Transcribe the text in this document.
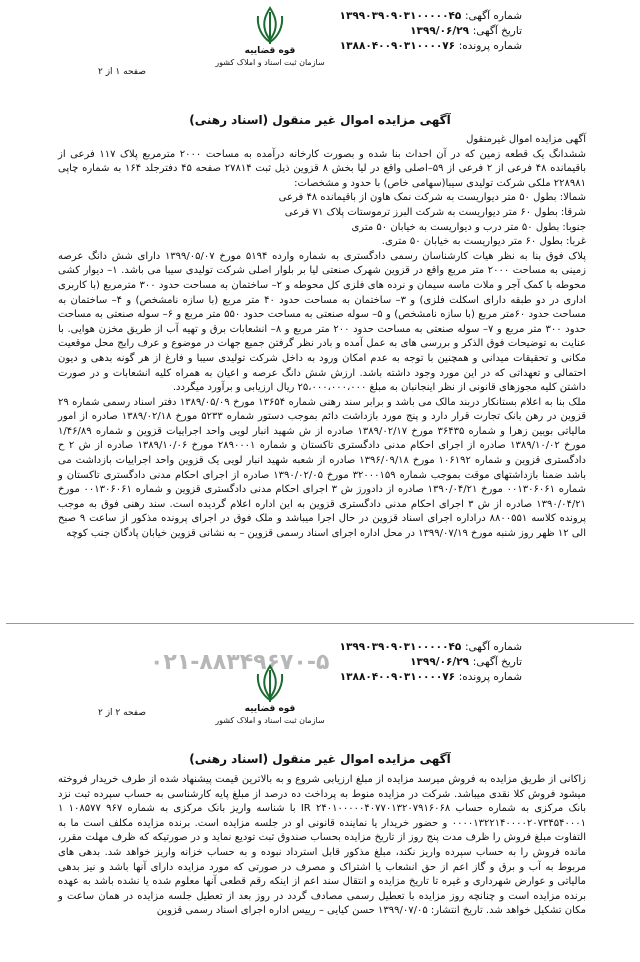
شماره آگهی: ۱۳۹۹۰۳۹۰۹۰۳۱۰۰۰۰۰۴۵
تاریخ آگهی: ۱۳۹۹/۰۶/۲۹
شماره پرونده: ۱۳۸۸۰۴۰۰۹۰۳۱۰۰۰۰۷۶
قوه قضاییه
سازمان ثبت اسناد و املاک کشور
صفحه ۱ از ۲
آگهی مزایده اموال غیر منقول (اسناد رهنی)

آگهی مزایده اموال غیرمنقول

ششدانگ یک قطعه زمین که در آن احداث بنا شده و بصورت کارخانه درآمده به مساحت ۲۰۰۰ مترمربع پلاک ۱۱۷ فرعی از باقیمانده ۴۸ فرعی از ۲ فرعی از ۵۹–اصلی واقع در لیا بخش ۸ قزوین ذیل ثبت ۲۷۸۱۴ صفحه ۴۵ دفترجلد ۱۶۴ به شماره چاپی ۲۲۸۹۸۱ ملکی شرکت تولیدی سیبا(سهامی خاص) با حدود و مشخصات:

شمالا: بطول ۵۰ متر دیواریست به شرکت نمک هاون از باقیمانده ۴۸ فرعی

شرقا: بطول ۶۰ متر دیواریست به شرکت البرز ترموستات پلاک ۷۱ فرعی

جنوبا: بطول ۵۰ متر درب و دیواریست به خیابان ۵۰ متری

غربا: بطول ۶۰ متر دیواریست به خیابان ۵۰ متری.

پلاک فوق بنا به نظر هیات کارشناسان رسمی دادگستری به شماره وارده ۵۱۹۴ مورخ ۱۳۹۹/۰۵/۰۷ دارای شش دانگ عرصه زمینی به مساحت ۲۰۰۰ متر مربع واقع در قزوین شهرک صنعتی لیا بر بلوار اصلی شرکت تولیدی سیبا می باشد. ۱– دیوار کشی محوطه با کمک آجر و ملات ماسه سیمان و نرده های فلزی کل محوطه و ۲– ساختمان به مساحت حدود ۳۰۰ مترمربع (با کاربری اداری در دو طبقه دارای اسکلت فلزی) و ۳– ساختمان به مساحت حدود ۴۰ متر مربع (با سازه نامشخص) و ۴– ساختمان به مساحت حدود ۶۰متر مربع (با سازه نامشخص) و ۵– سوله صنعتی به مساحت حدود ۵۵۰ متر مربع و ۶– سوله صنعتی به مساحت حدود ۳۰۰ متر مربع و ۷– سوله صنعتی به مساحت حدود ۲۰۰ متر مربع و ۸– انشعابات برق و تهیه آب از طریق مخزن هوایی. با عنایت به توضیحات فوق الذکر و بررسی های به عمل آمده و بادر نظر گرفتن جمیع جهات در موضوع و عرف رایج محل موقعیت مکانی و تحقیقات میدانی و همچنین با توجه به عدم امکان ورود به داخل شرکت تولیدی سیبا و فارغ از هر گونه بدهی و دیون احتمالی و تعهداتی که در این مورد وجود داشته باشد. ارزش شش دانگ عرصه و اعیان به همراه کلیه انشعابات و در صورت داشتن کلیه مجوزهای قانونی از نظر اینجانبان به مبلغ ۲۵،۰۰۰،۰۰۰،۰۰۰ ریال ارزیابی و برآورد میگردد.

ملک بنا به اعلام بستانکار دربند مالک می باشد و برابر سند رهنی شماره ۱۳۶۵۴ مورخ ۱۳۸۹/۰۵/۰۹ دفتر اسناد رسمی شماره ۲۹ قزوین در رهن بانک تجارت قرار دارد و پنج مورد بازداشت دائم بموجب دستور شماره ۵۲۳۳ مورخ ۱۳۸۹/۰۲/۱۸ صادره از امور مالیاتی بویین زهرا و شماره ۳۶۴۳۵ مورخ ۱۳۸۹/۰۲/۱۷ صادره از ش شهید انبار لویی واحد اجراییات قزوین و شماره ۱/۴۶/۸۹ مورخ ۱۳۸۹/۱۰/۰۲ صادره از اجرای احکام مدنی دادگستری تاکستان و شماره ۲۸۹۰۰۰۱ مورخ ۱۳۸۹/۱۰/۰۶ صادره از ش ۲ ح دادگستری قزوین و شماره ۱۰۶۱۹۲ مورخ ۱۳۹۶/۰۹/۱۸ صادره از شعبه شهید انبار لویی یک قزوین واحد اجراییات بازداشت می باشد ضمنا بازداشتهای موقت بموجب شماره ۳۲۰۰۰۱۵۹ مورخ ۱۳۹۰/۰۲/۰۵ صادره از اجرای احکام مدنی دادگستری تاکستان و شماره ۰۰۱۳۰۶۰۶۱ مورخ ۱۳۹۰/۰۴/۲۱ صادره از دادورز ش ۳ اجرای احکام مدنی دادگستری قزوین و شماره ۰۰۱۳۰۶۰۶۱ مورخ ۱۳۹۰/۰۴/۲۱ صادره از ش ۳ اجرای احکام مدنی دادگستری قزوین به این اداره اعلام گردیده است. سند رهنی فوق به موجب پرونده کلاسه ۸۸۰۰۵۵۱ دراداره اجرای اسناد قزوین در حال اجرا میباشد و ملک فوق در اجرای پرونده مذکور از ساعت ۹ صبح الی ۱۲ ظهر روز شنبه مورخ ۱۳۹۹/۰۷/۱۹ در محل اداره اجرای اسناد رسمی قزوین – به نشانی قزوین خیابان پادگان جنب کوچه

۰۲۱-۸۸۳۴۹۶۷۰-۵
شماره آگهی: ۱۳۹۹۰۳۹۰۹۰۳۱۰۰۰۰۰۴۵
تاریخ آگهی: ۱۳۹۹/۰۶/۲۹
شماره پرونده: ۱۳۸۸۰۴۰۰۹۰۳۱۰۰۰۰۷۶
قوه قضاییه
سازمان ثبت اسناد و املاک کشور
صفحه ۲ از ۲
آگهی مزایده اموال غیر منقول (اسناد رهنی)

زاکانی از طریق مزایده به فروش میرسد مزایده از مبلغ ارزیابی شروع و به بالاترین قیمت پیشنهاد شده از طرف خریدار فروخته میشود فروش کلا نقدی میباشد. شرکت در مزایده منوط به پرداخت ده درصد از مبلغ پایه کارشناسی به حساب سپرده ثبت نزد بانک مرکزی به شماره حساب ۲۴۰۱۰۰۰۰۰۴۰۷۷۰۱۳۲۰۷۹۱۶۰۶۸ IR با شناسه واریز بانک مرکزی به شماره ۹۶۷ ۱۰۸۵۷۷ ۱ ۰۰۰۰۱۳۲۲۱۴۰۰۰۰۲۰۷۳۴۵۴۰۰۰۱ و حضور خریدار یا نماینده قانونی او در جلسه مزایده است. برنده مزایده مکلف است ما به التفاوت مبلغ فروش را ظرف مدت پنج روز از تاریخ مزایده بحساب صندوق ثبت توديع نمايد و در صورتيكه كه ظرف مهلت مقرر، مانده فروش را به حساب سپرده واريز نكند، مبلغ مذكور قابل استرداد نبوده و به حساب خزانه واريز خواهد شد. بدهی های مربوط به آب و برق و گاز اعم از حق انشعاب یا اشتراک و مصرف در صورتی که مورد مزایده دارای آنها باشد و نیز بدهی مالیاتی و عوارض شهرداری و غیره تا تاریخ مزایده و انتقال سند اعم از اینکه رقم قطعی آنها معلوم شده یا نشده باشد به عهده برنده مزایده است و چنانچه روز مزایده با تعطیل رسمی مصادف گردد در روز بعد از تعطیل جلسه مزایده در همان ساعت و مکان تشکیل خواهد شد. تاریخ انتشار: ۱۳۹۹/۰۷/۰۵ حسن کیایی – رییس اداره اجرای اسناد رسمی قزوین
